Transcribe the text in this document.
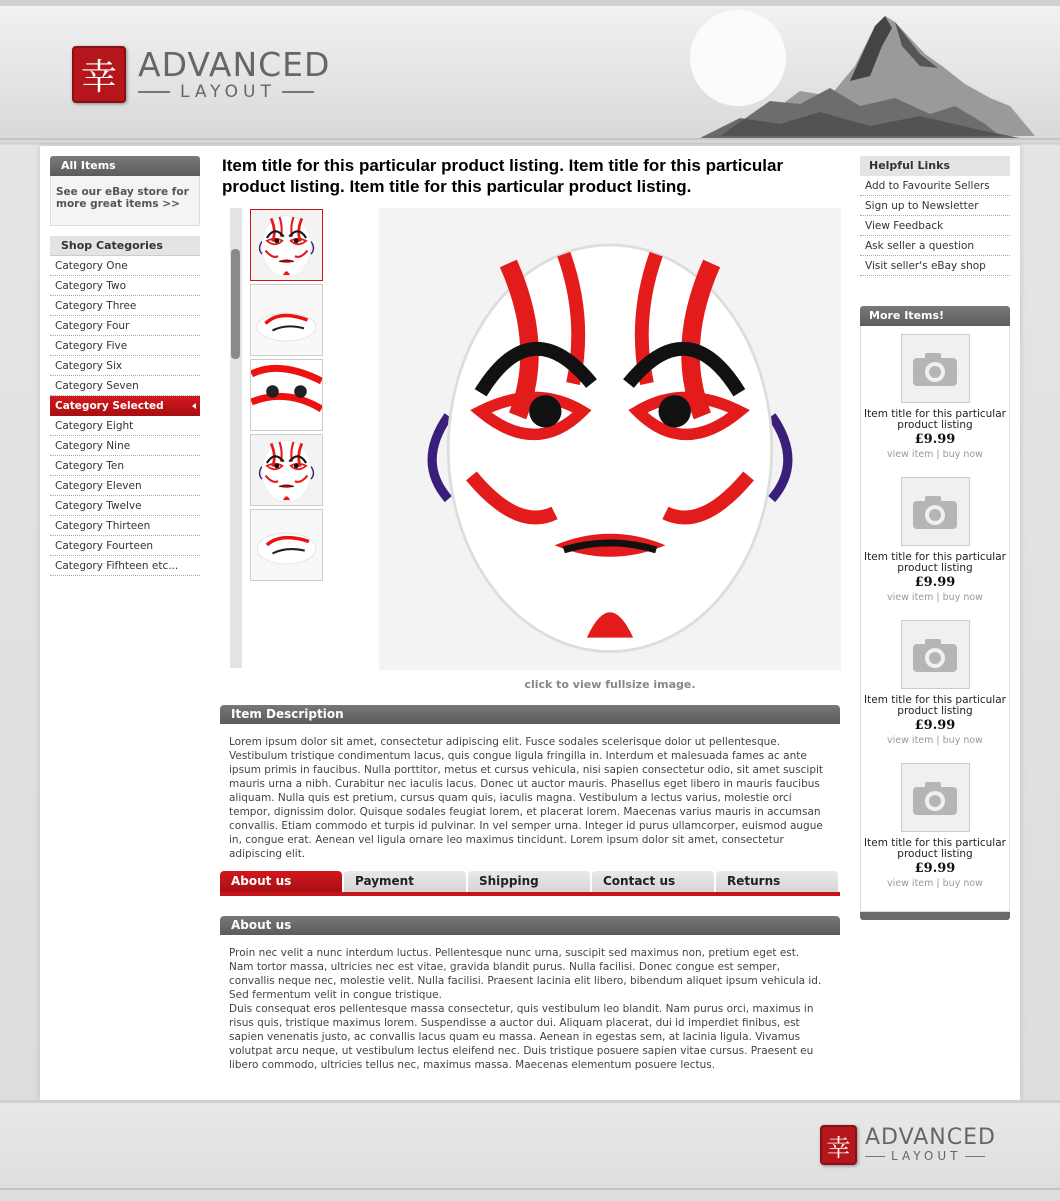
幸 ADVANCED
LAYOUT
All Items
See our eBay store for more great items >>
Shop Categories
Category One
Category Two
Category Three
Category Four
Category Five
Category Six
Category Seven
Category Selected
Category Eight
Category Nine
Category Ten
Category Eleven
Category Twelve
Category Thirteen
Category Fourteen
Category Fifhteen etc...
Item title for this particular product listing. Item title for this particular product listing. Item title for this particular product listing.
click to view fullsize image.
Item Description
Lorem ipsum dolor sit amet, consectetur adipiscing elit. Fusce sodales scelerisque dolor ut pellentesque. Vestibulum tristique condimentum lacus, quis congue ligula fringilla in. Interdum et malesuada fames ac ante ipsum primis in faucibus. Nulla porttitor, metus et cursus vehicula, nisi sapien consectetur odio, sit amet suscipit mauris urna a nibh. Curabitur nec iaculis lacus. Donec ut auctor mauris. Phasellus eget libero in mauris faucibus aliquam. Nulla quis est pretium, cursus quam quis, iaculis magna. Vestibulum a lectus varius, molestie orci tempor, dignissim dolor. Quisque sodales feugiat lorem, et placerat lorem. Maecenas varius mauris in accumsan convallis. Etiam commodo et turpis id pulvinar. In vel semper urna. Integer id purus ullamcorper, euismod augue in, congue erat. Aenean vel ligula ornare leo maximus tincidunt. Lorem ipsum dolor sit amet, consectetur adipiscing elit.
About us	Payment	Shipping	Contact us	Returns
About us
Proin nec velit a nunc interdum luctus. Pellentesque nunc urna, suscipit sed maximus non, pretium eget est. Nam tortor massa, ultricies nec est vitae, gravida blandit purus. Nulla facilisi. Donec congue est semper, convallis neque nec, molestie velit. Nulla facilisi. Praesent lacinia elit libero, bibendum aliquet ipsum vehicula id. Sed fermentum velit in congue tristique.
Duis consequat eros pellentesque massa consectetur, quis vestibulum leo blandit. Nam purus orci, maximus in risus quis, tristique maximus lorem. Suspendisse a auctor dui. Aliquam placerat, dui id imperdiet finibus, est sapien venenatis justo, ac convallis lacus quam eu massa. Aenean in egestas sem, at lacinia ligula. Vivamus volutpat arcu neque, ut vestibulum lectus eleifend nec. Duis tristique posuere sapien vitae cursus. Praesent eu libero commodo, ultricies tellus nec, maximus massa. Maecenas elementum posuere lectus.
Helpful Links
Add to Favourite Sellers
Sign up to Newsletter
View Feedback
Ask seller a question
Visit seller's eBay shop
More Items!
Item title for this particular product listing
£9.99
view item | buy now
Item title for this particular product listing
£9.99
view item | buy now
Item title for this particular product listing
£9.99
view item | buy now
Item title for this particular product listing
£9.99
view item | buy now
幸 ADVANCED
LAYOUT
